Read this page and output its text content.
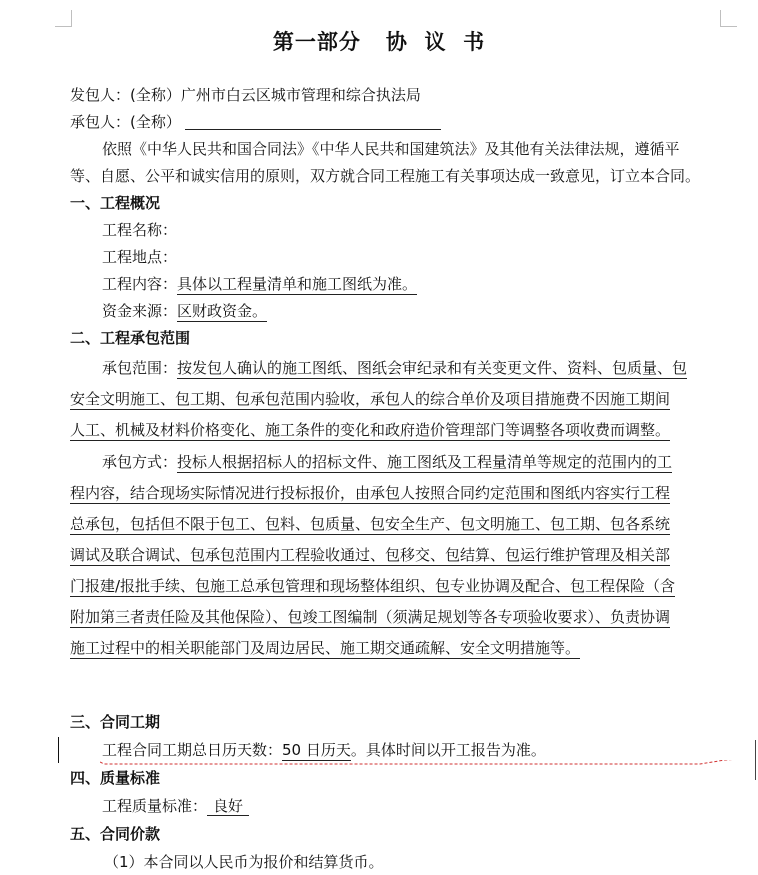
第一部分   协  议  书
发包人：(全称）广州市白云区城市管理和综合执法局
承包人：(全称）
依照《中华人民共和国合同法》《中华人民共和国建筑法》及其他有关法律法规，遵循平
等、自愿、公平和诚实信用的原则，双方就合同工程施工有关事项达成一致意见，订立本合同。
一、工程概况
工程名称：
工程地点：
工程内容：具体以工程量清单和施工图纸为准。
资金来源：区财政资金。
二、工程承包范围
承包范围：按发包人确认的施工图纸、图纸会审纪录和有关变更文件、资料、包质量、包
安全文明施工、包工期、包承包范围内验收，承包人的综合单价及项目措施费不因施工期间
人工、机械及材料价格变化、施工条件的变化和政府造价管理部门等调整各项收费而调整。
承包方式：投标人根据招标人的招标文件、施工图纸及工程量清单等规定的范围内的工
程内容，结合现场实际情况进行投标报价，由承包人按照合同约定范围和图纸内容实行工程
总承包，包括但不限于包工、包料、包质量、包安全生产、包文明施工、包工期、包各系统
调试及联合调试、包承包范围内工程验收通过、包移交、包结算、包运行维护管理及相关部
门报建/报批手续、包施工总承包管理和现场整体组织、包专业协调及配合、包工程保险（含
附加第三者责任险及其他保险）、包竣工图编制（须满足规划等各专项验收要求）、负责协调
施工过程中的相关职能部门及周边居民、施工期交通疏解、安全文明措施等。
三、合同工期
工程合同工期总日历天数：50 日历天。具体时间以开工报告为准。
四、质量标准
工程质量标准： 良好
五、合同价款
（1）本合同以人民币为报价和结算货币。
